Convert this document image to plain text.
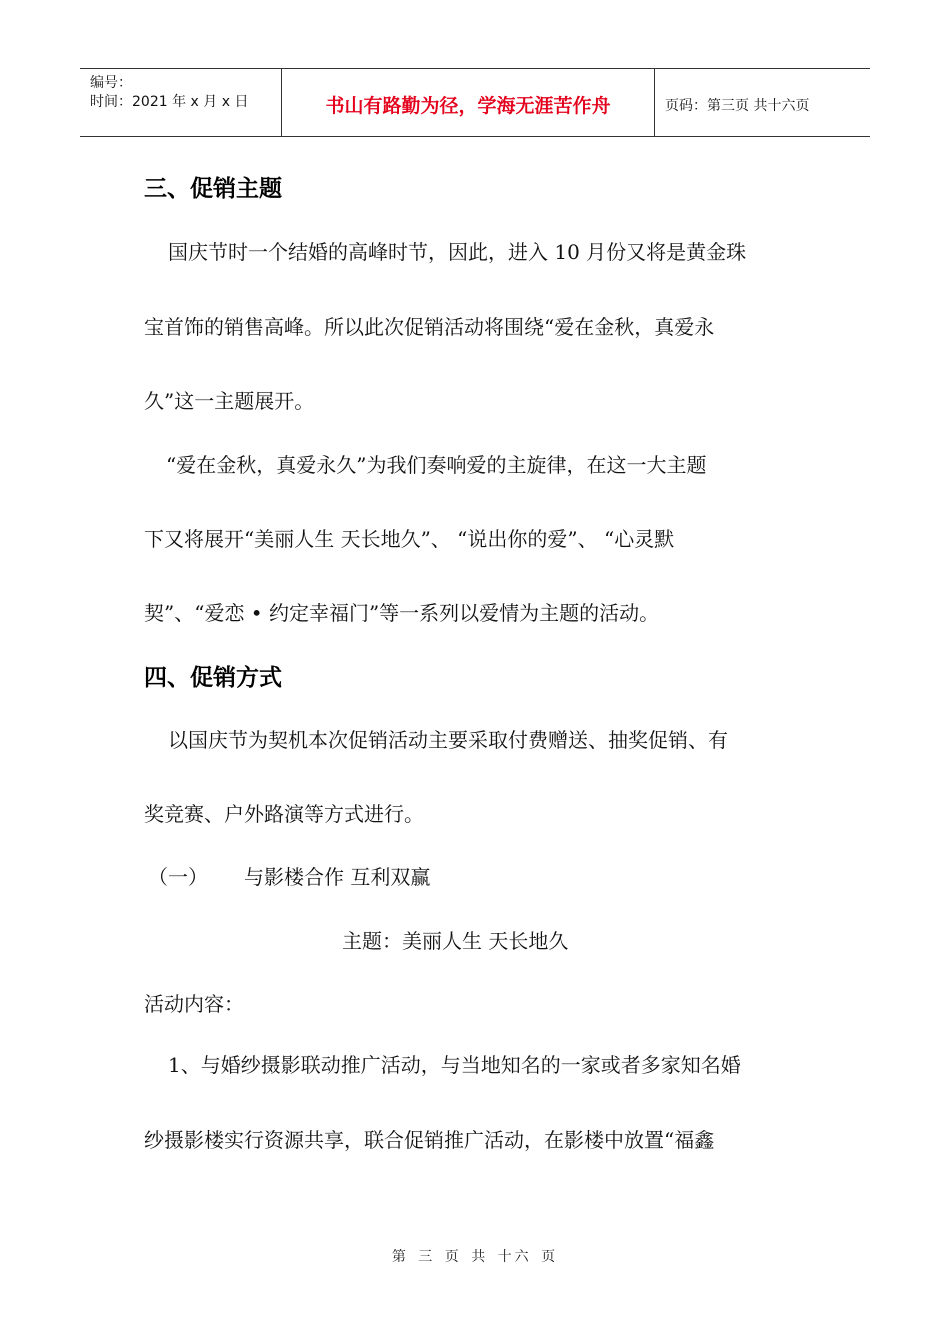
编号：
时间：2021 年 x 月 x 日	书山有路勤为径，学海无涯苦作舟	页码：第三页 共十六页
三、促销主题
国庆节时一个结婚的高峰时节，因此，进入 10 月份又将是黄金珠
宝首饰的销售高峰。所以此次促销活动将围绕“爱在金秋，真爱永
久”这一主题展开。
“爱在金秋，真爱永久”为我们奏响爱的主旋律，在这一大主题
下又将展开“美丽人生 天长地久”、 “说出你的爱”、 “心灵默
契”、“爱恋 • 约定幸福门”等一系列以爱情为主题的活动。
四、促销方式
以国庆节为契机本次促销活动主要采取付费赠送、抽奖促销、有
奖竞赛、户外路演等方式进行。
（一） 与影楼合作 互利双赢
主题：美丽人生 天长地久
活动内容：
1、与婚纱摄影联动推广活动，与当地知名的一家或者多家知名婚
纱摄影楼实行资源共享，联合促销推广活动，在影楼中放置“福鑫
第 三 页 共 十六 页
